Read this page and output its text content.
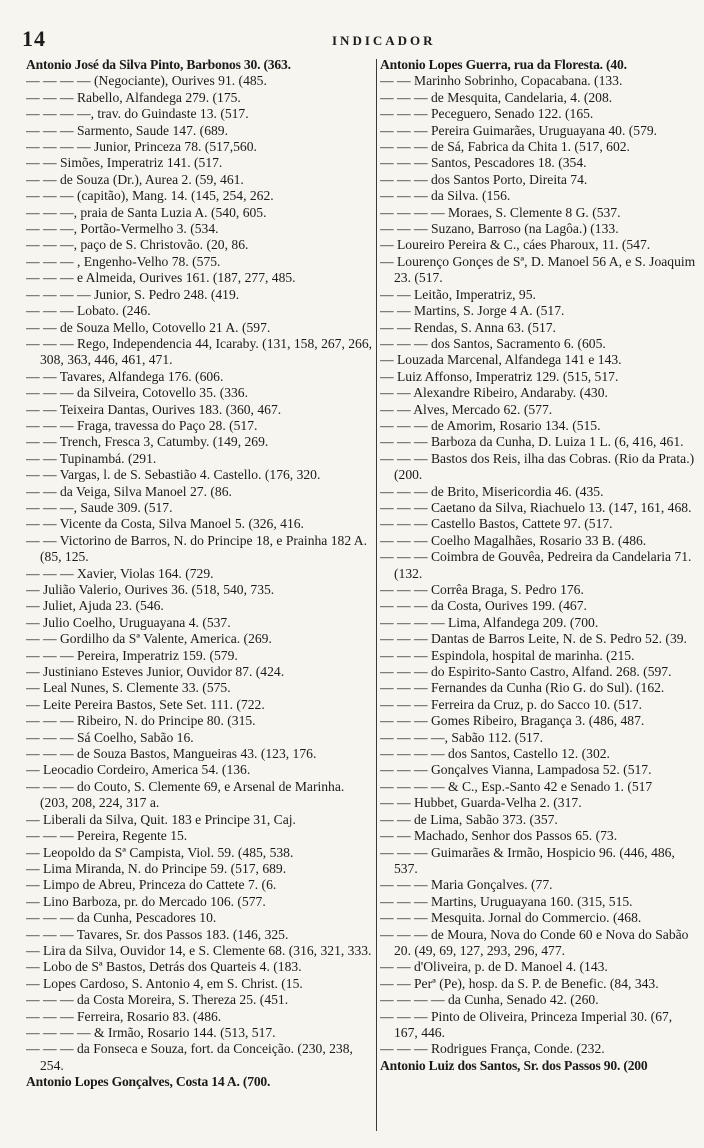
14	INDICADOR
Antonio José da Silva Pinto, Barbonos 30. (363.
— — — — (Negociante), Ourives 91. (485.
— — — Rabello, Alfandega 279. (175.
— — — —, trav. do Guindaste 13. (517.
— — — Sarmento, Saude 147. (689.
— — — — Junior, Princeza 78. (517,560.
— — Simões, Imperatriz 141. (517.
— — de Souza (Dr.), Aurea 2. (59, 461.
— — — (capitão), Mang. 14. (145, 254, 262.
— — —, praia de Santa Luzia A. (540, 605.
— — —, Portão-Vermelho 3. (534.
— — —, paço de S. Christovão. (20, 86.
— — — , Engenho-Velho 78. (575.
— — — e Almeida, Ourives 161. (187, 277, 485.
— — — — Junior, S. Pedro 248. (419.
— — — Lobato. (246.
— — de Souza Mello, Cotovello 21 A. (597.
— — — Rego, Independencia 44, Icaraby. (131, 158, 267, 266, 308, 363, 446, 461, 471.
— — Tavares, Alfandega 176. (606.
— — — da Silveira, Cotovello 35. (336.
— — Teixeira Dantas, Ourives 183. (360, 467.
— — — Fraga, travessa do Paço 28. (517.
— — Trench, Fresca 3, Catumby. (149, 269.
— — Tupinambá. (291.
— — Vargas, l. de S. Sebastião 4. Castello. (176, 320.
— — da Veiga, Silva Manoel 27. (86.
— — —, Saude 309. (517.
— — Vicente da Costa, Silva Manoel 5. (326, 416.
— — Victorino de Barros, N. do Principe 18, e Prainha 182 A. (85, 125.
— — — Xavier, Violas 164. (729.
— Julião Valerio, Ourives 36. (518, 540, 735.
— Juliet, Ajuda 23. (546.
— Julio Coelho, Uruguayana 4. (537.
— — Gordilho da Sª Valente, America. (269.
— — — Pereira, Imperatriz 159. (579.
— Justiniano Esteves Junior, Ouvidor 87. (424.
— Leal Nunes, S. Clemente 33. (575.
— Leite Pereira Bastos, Sete Set. 111. (722.
— — — Ribeiro, N. do Principe 80. (315.
— — — Sá Coelho, Sabão 16.
— — — de Souza Bastos, Mangueiras 43. (123, 176.
— Leocadio Cordeiro, America 54. (136.
— — — do Couto, S. Clemente 69, e Arsenal de Marinha. (203, 208, 224, 317 a.
— Liberali da Silva, Quit. 183 e Principe 31, Caj.
— — — Pereira, Regente 15.
— Leopoldo da Sª Campista, Viol. 59. (485, 538.
— Lima Miranda, N. do Principe 59. (517, 689.
— Limpo de Abreu, Princeza do Cattete 7. (6.
— Lino Barboza, pr. do Mercado 106. (577.
— — — da Cunha, Pescadores 10.
— — — Tavares, Sr. dos Passos 183. (146, 325.
— Lira da Silva, Ouvidor 14, e S. Clemente 68. (316, 321, 333.
— Lobo de Sª Bastos, Detrás dos Quarteis 4. (183.
— Lopes Cardoso, S. Antonio 4, em S. Christ. (15.
— — — da Costa Moreira, S. Thereza 25. (451.
— — — Ferreira, Rosario 83. (486.
— — — — & Irmão, Rosario 144. (513, 517.
— — — da Fonseca e Souza, fort. da Conceição. (230, 238, 254.
Antonio Lopes Gonçalves, Costa 14 A. (700.
Antonio Lopes Guerra, rua da Floresta. (40.
— — Marinho Sobrinho, Copacabana. (133.
— — — de Mesquita, Candelaria, 4. (208.
— — — Peceguero, Senado 122. (165.
— — — Pereira Guimarães, Uruguayana 40. (579.
— — — de Sá, Fabrica da Chita 1. (517, 602.
— — — Santos, Pescadores 18. (354.
— — — dos Santos Porto, Direita 74.
— — — da Silva. (156.
— — — — Moraes, S. Clemente 8 G. (537.
— — — Suzano, Barroso (na Lagôa.) (133.
— Loureiro Pereira & C., cáes Pharoux, 11. (547.
— Lourenço Gonçes de Sª, D. Manoel 56 A, e S. Joaquim 23. (517.
— — Leitão, Imperatriz, 95.
— — Martins, S. Jorge 4 A. (517.
— — Rendas, S. Anna 63. (517.
— — — dos Santos, Sacramento 6. (605.
— Louzada Marcenal, Alfandega 141 e 143.
— Luiz Affonso, Imperatriz 129. (515, 517.
— — Alexandre Ribeiro, Andaraby. (430.
— — Alves, Mercado 62. (577.
— — — de Amorim, Rosario 134. (515.
— — — Barboza da Cunha, D. Luiza 1 L. (6, 416, 461.
— — — Bastos dos Reis, ilha das Cobras. (Rio da Prata.) (200.
— — — de Brito, Misericordia 46. (435.
— — — Caetano da Silva, Riachuelo 13. (147, 161, 468.
— — — Castello Bastos, Cattete 97. (517.
— — — Coelho Magalhães, Rosario 33 B. (486.
— — — Coimbra de Gouvêa, Pedreira da Candelaria 71. (132.
— — — Corrêa Braga, S. Pedro 176.
— — — da Costa, Ourives 199. (467.
— — — — Lima, Alfandega 209. (700.
— — — Dantas de Barros Leite, N. de S. Pedro 52. (39.
— — — Espindola, hospital de marinha. (215.
— — — do Espirito-Santo Castro, Alfand. 268. (597.
— — — Fernandes da Cunha (Rio G. do Sul). (162.
— — — Ferreira da Cruz, p. do Sacco 10. (517.
— — — Gomes Ribeiro, Bragança 3. (486, 487.
— — — —, Sabão 112. (517.
— — — — dos Santos, Castello 12. (302.
— — — Gonçalves Vianna, Lampadosa 52. (517.
— — — — & C., Esp.-Santo 42 e Senado 1. (517
— — Hubbet, Guarda-Velha 2. (317.
— — de Lima, Sabão 373. (357.
— — Machado, Senhor dos Passos 65. (73.
— — — Guimarães & Irmão, Hospicio 96. (446, 486, 537.
— — — Maria Gonçalves. (77.
— — — Martins, Uruguayana 160. (315, 515.
— — — Mesquita. Jornal do Commercio. (468.
— — — de Moura, Nova do Conde 60 e Nova do Sabão 20. (49, 69, 127, 293, 296, 477.
— — d'Oliveira, p. de D. Manoel 4. (143.
— — Perª (Pe), hosp. da S. P. de Benefic. (84, 343.
— — — — da Cunha, Senado 42. (260.
— — — Pinto de Oliveira, Princeza Imperial 30. (67, 167, 446.
— — — Rodrigues França, Conde. (232.
Antonio Luiz dos Santos, Sr. dos Passos 90. (200
